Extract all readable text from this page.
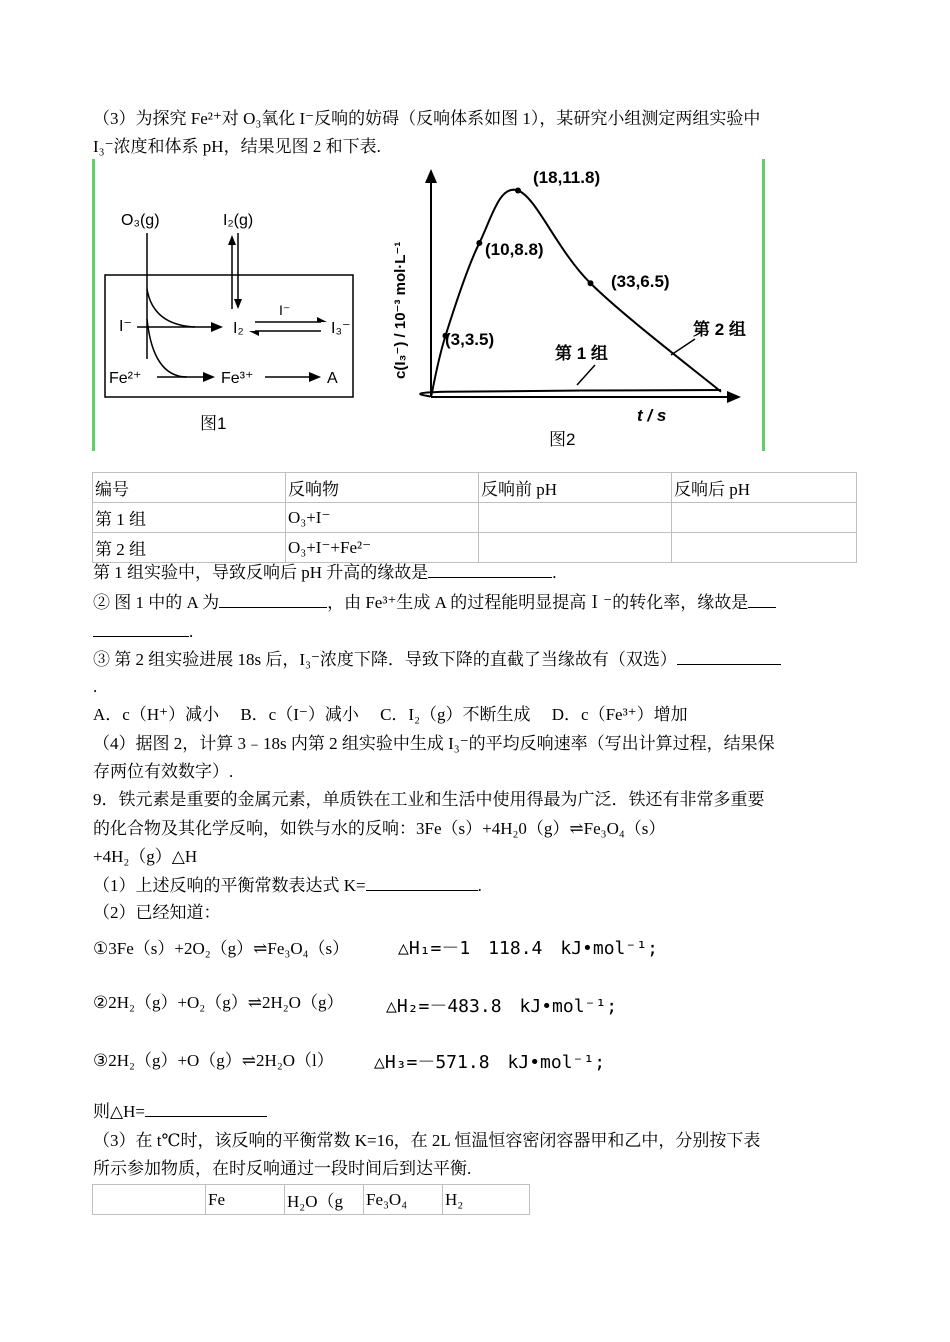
（3）为探究 Fe²⁺对 O₃氧化 I⁻反响的妨碍（反响体系如图 1），某研究小组测定两组实验中
I₃⁻浓度和体系 pH，结果见图 2 和下表.
O₃(g)	I₂(g)
I⁻	I₂	I₃⁻
I⁻
Fe²⁺	Fe³⁺	A
图1
c(I₃⁻) / 10⁻³ mol·L⁻¹
t / s
(18,11.8)
(10,8.8)
(33,6.5)
(3,3.5)
第 1 组
第 2 组
图2
编号	反响物	反响前 pH	反响后 pH
第 1 组	O₃+I⁻		
第 2 组	O₃+I⁻+Fe²⁻		
第 1 组实验中，导致反响后 pH 升高的缘故是	.
② 图 1 中的 A 为	，由 Fe³⁺生成 A 的过程能明显提高Ｉ⁻的转化率，缘故是
.
③ 第 2 组实验进展 18s 后，I₃⁻浓度下降．导致下降的直截了当缘故有（双选）
.
A．c（H⁺）减小　 B．c（I⁻）减小　 C．I₂（g）不断生成　 D．c（Fe³⁺）增加
（4）据图 2，计算 3﹣18s 内第 2 组实验中生成 I₃⁻的平均反响速率（写出计算过程，结果保
存两位有效数字）.
9．铁元素是重要的金属元素，单质铁在工业和生活中使用得最为广泛．铁还有非常多重要
的化合物及其化学反响，如铁与水的反响：3Fe（s）+4H₂0（g）⇌Fe₃O₄（s）
+4H₂（g）△H
（1）上述反响的平衡常数表达式 K=	.
（2）已经知道：
①3Fe（s）+2O₂（g）⇌Fe₃O₄（s）	△H₁=－1　118.4　kJ•mol⁻¹;
②2H₂（g）+O₂（g）⇌2H₂O（g） △H₂=－483.8　kJ•mol⁻¹;
③2H₂（g）+O（g）⇌2H₂O（l） △H₃=－571.8　kJ•mol⁻¹;
则△H=
（3）在 t℃时，该反响的平衡常数 K=16，在 2L 恒温恒容密闭容器甲和乙中，分别按下表
所示参加物质，在时反响通过一段时间后到达平衡.
	Fe	H₂O（g	Fe₃O₄	H₂
